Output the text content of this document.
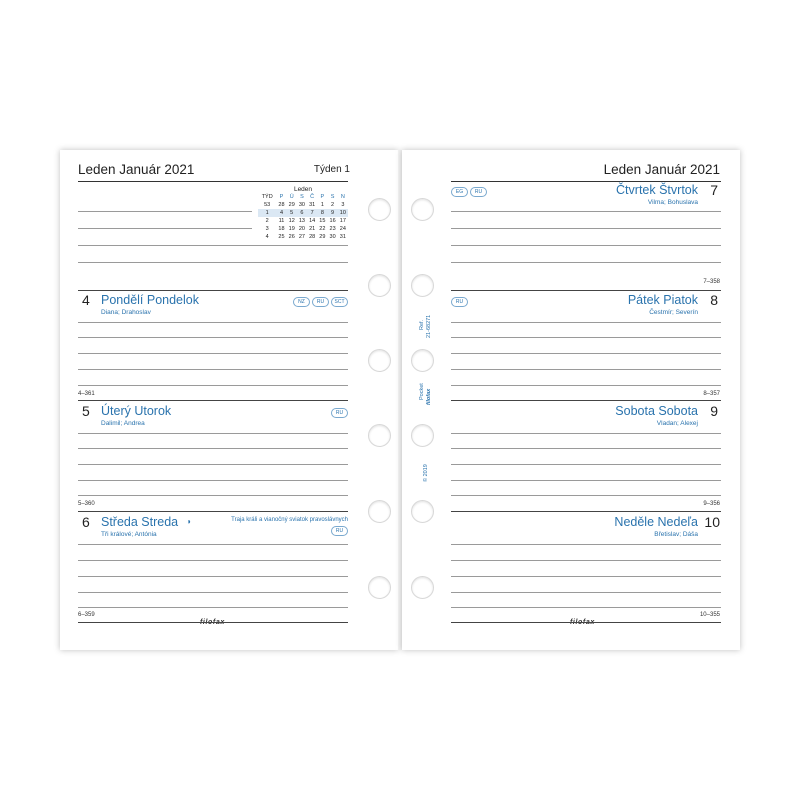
Leden Január 2021	Týden 1
Leden
TÝD	P	Ú	S	Č	P	S	N
53	28	29	30	31	1	2	3
1	4	5	6	7	8	9	10
2	11	12	13	14	15	16	17
3	18	19	20	21	22	23	24
4	25	26	27	28	29	30	31
4 Pondělí Pondelok
Diana; Drahoslav
NZ	RU	SCT
4–361
5 Úterý Utorok
Dalimil; Andrea
RU
5–360
6 Středa Streda ◑	Traja králi a vianočný sviatok pravoslávnych
Tři králové; Antónia	RU
6–359
Ref. 21-68271
Pocket filofax
© 2019
Leden Január 2021
EG	RU	Čtvrtek Štvrtok 7
Vilma; Bohuslava
7–358
RU	Pátek Piatok 8
Čestmír; Severín
8–357
Sobota Sobota 9
Vladan; Alexej
9–356
Neděle Nedeľa 10
Břetislav; Dáša
10–355
